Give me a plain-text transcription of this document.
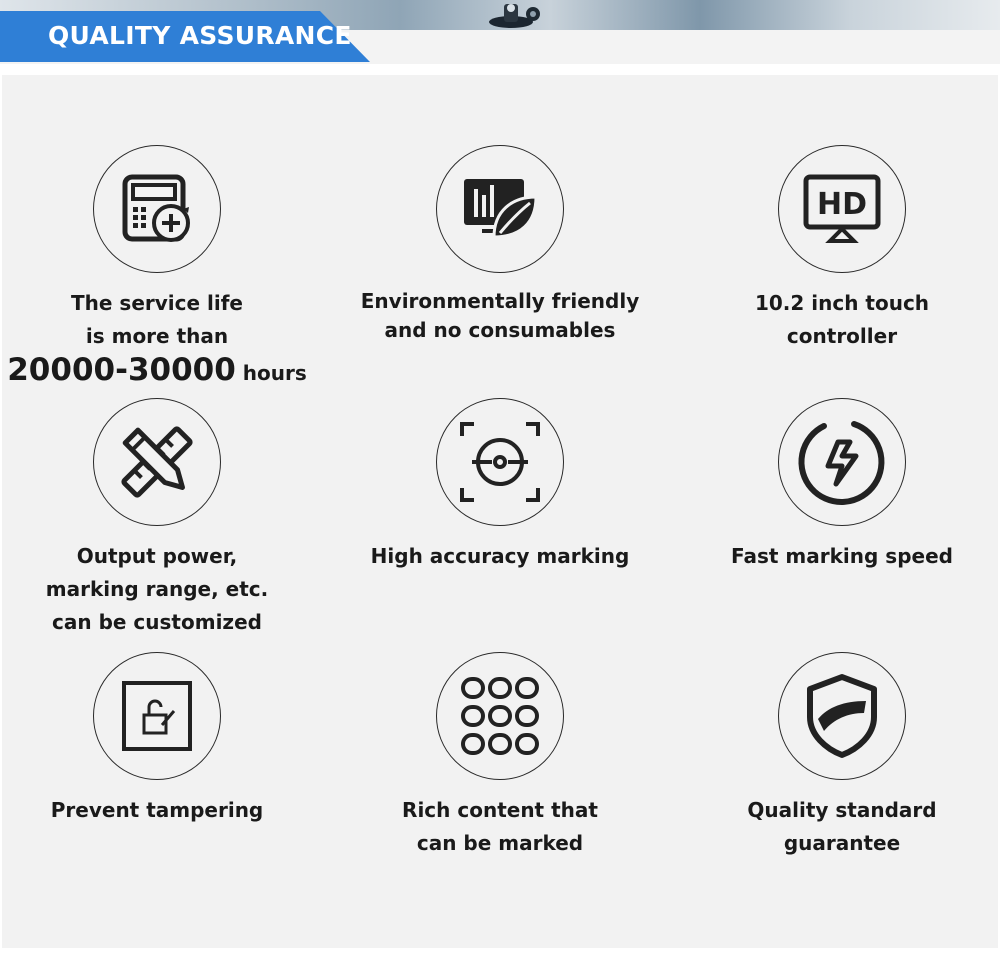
QUALITY ASSURANCE
The service life
is more than
20000-30000 hours
Environmentally friendly
and no consumables
HD
10.2 inch touch
controller
Output power,
marking range, etc.
can be customized
High accuracy marking	Fast marking speed
Prevent tampering	Rich content that
can be marked
Quality standard
guarantee
